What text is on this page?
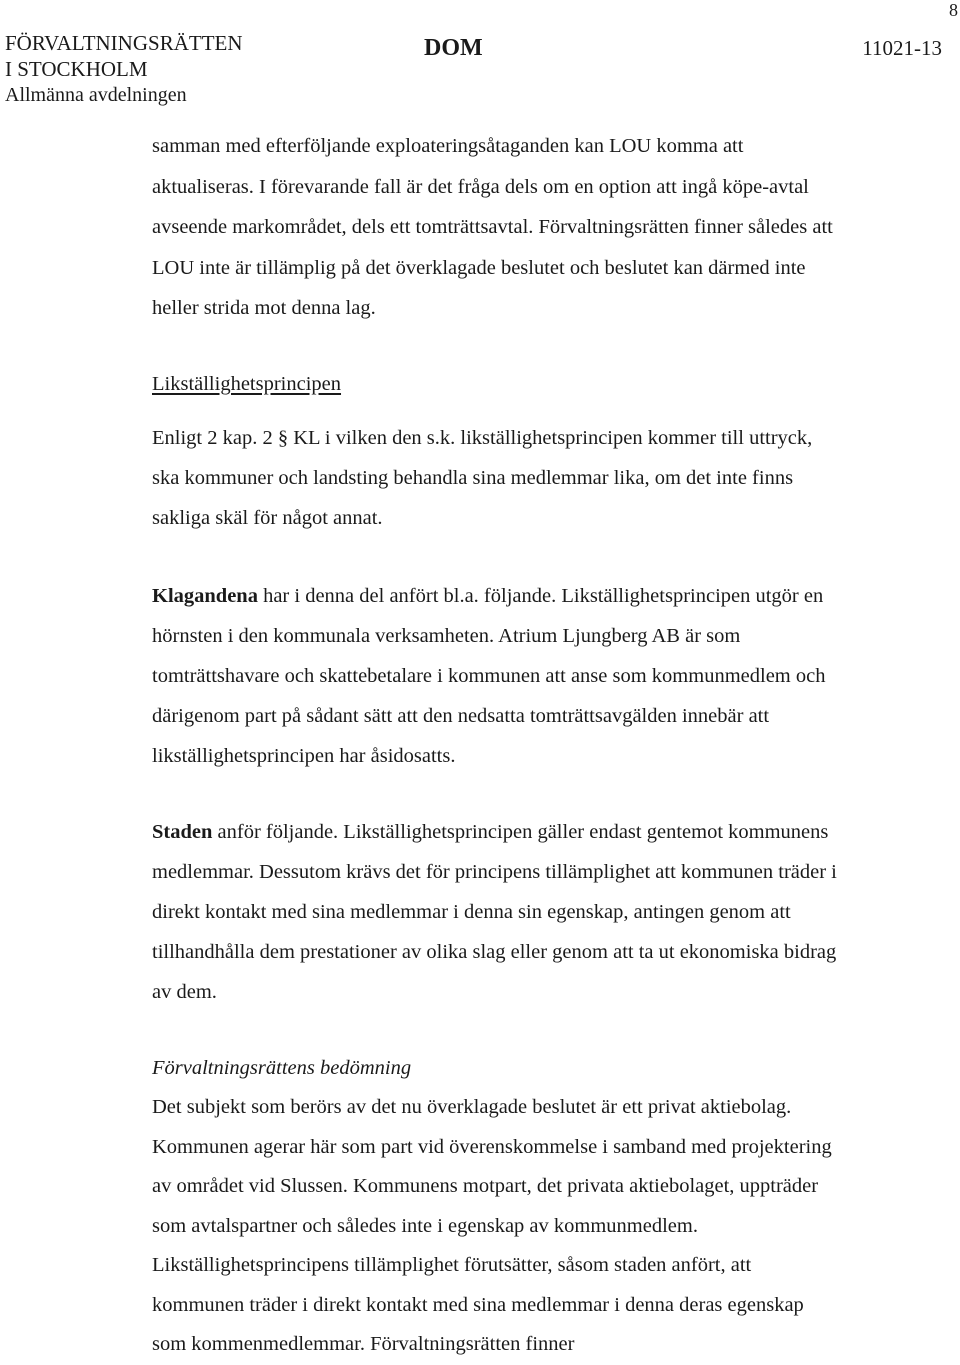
8
FÖRVALTNINGSRÄTTEN
I STOCKHOLM
Allmänna avdelningen
DOM	11021-13

samman med efterföljande exploateringsåtaganden kan LOU komma att aktualiseras. I förevarande fall är det fråga dels om en option att ingå köpe-avtal avseende markområdet, dels ett tomträttsavtal. Förvaltningsrätten finner således att LOU inte är tillämplig på det överklagade beslutet och beslutet kan därmed inte heller strida mot denna lag.

Likställighetsprincipen

Enligt 2 kap. 2 § KL i vilken den s.k. likställighetsprincipen kommer till uttryck, ska kommuner och landsting behandla sina medlemmar lika, om det inte finns sakliga skäl för något annat.

Klagandena har i denna del anfört bl.a. följande. Likställighetsprincipen utgör en hörnsten i den kommunala verksamheten. Atrium Ljungberg AB är som tomträttshavare och skattebetalare i kommunen att anse som kommunmedlem och därigenom part på sådant sätt att den nedsatta tomträttsavgälden innebär att likställighetsprincipen har åsidosatts.

Staden anför följande. Likställighetsprincipen gäller endast gentemot kommunens medlemmar. Dessutom krävs det för principens tillämplighet att kommunen träder i direkt kontakt med sina medlemmar i denna sin egenskap, antingen genom att tillhandhålla dem prestationer av olika slag eller genom att ta ut ekonomiska bidrag av dem.

Förvaltningsrättens bedömning

Det subjekt som berörs av det nu överklagade beslutet är ett privat aktiebolag. Kommunen agerar här som part vid överenskommelse i samband med projektering av området vid Slussen. Kommunens motpart, det privata aktiebolaget, uppträder som avtalspartner och således inte i egenskap av kommunmedlem. Likställighetsprincipens tillämplighet förutsätter, såsom staden anfört, att kommunen träder i direkt kontakt med sina medlemmar i denna deras egenskap som kommenmedlemmar. Förvaltningsrätten finner
